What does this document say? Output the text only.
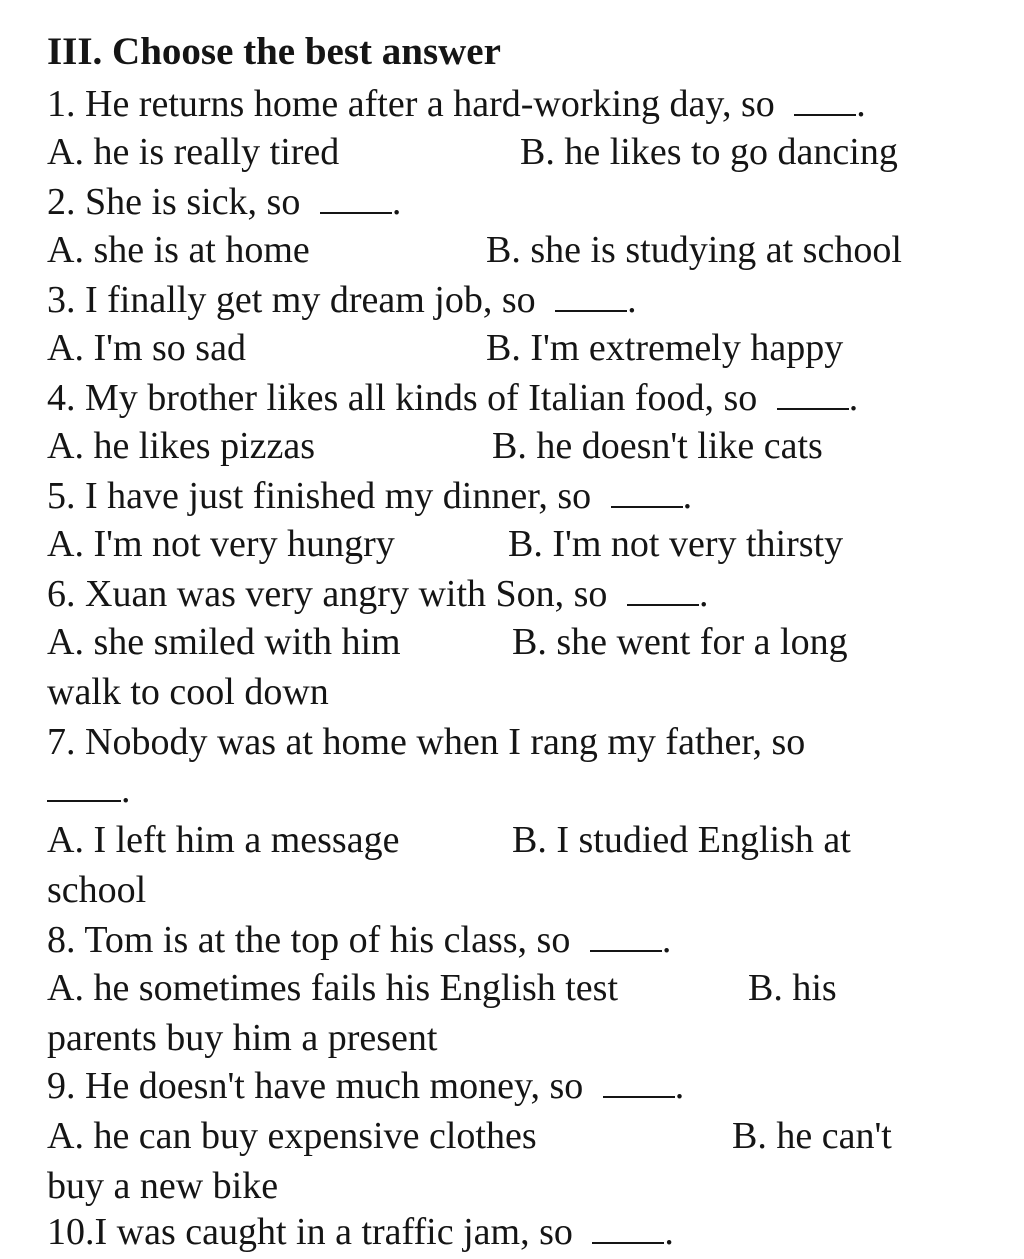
III. Choose the best answer
1. He returns home after a hard-working day, so .
A. he is really tired	B. he likes to go dancing
2. She is sick, so .
A. she is at home	B. she is studying at school
3. I finally get my dream job, so .
A. I'm so sad	B. I'm extremely happy
4. My brother likes all kinds of Italian food, so .
A. he likes pizzas	B. he doesn't like cats
5. I have just finished my dinner, so .
A. I'm not very hungry	B. I'm not very thirsty
6. Xuan was very angry with Son, so .
A. she smiled with him	B. she went for a long
walk to cool down
7. Nobody was at home when I rang my father, so
.
A. I left him a message	B. I studied English at
school
8. Tom is at the top of his class, so .
A. he sometimes fails his English test	B. his
parents buy him a present
9. He doesn't have much money, so .
A. he can buy expensive clothes	B. he can't
buy a new bike
10.I was caught in a traffic jam, so .
